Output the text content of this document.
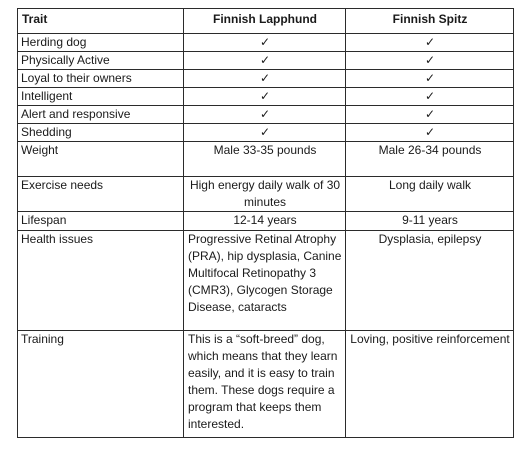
Trait	Finnish Lapphund	Finnish Spitz
Herding dog	✓	✓
Physically Active	✓	✓
Loyal to their owners	✓	✓
Intelligent	✓	✓
Alert and responsive	✓	✓
Shedding	✓	✓
Weight	Male 33-35 pounds	Male 26-34 pounds
Exercise needs	High energy daily walk of 30 minutes	Long daily walk
Lifespan	12-14 years	9-11 years
Health issues	Progressive Retinal Atrophy (PRA), hip dysplasia, Canine Multifocal Retinopathy 3 (CMR3), Glycogen Storage Disease, cataracts	Dysplasia, epilepsy
Training	This is a “soft-breed” dog, which means that they learn easily, and it is easy to train them. These dogs require a program that keeps them interested.	Loving, positive reinforcement
